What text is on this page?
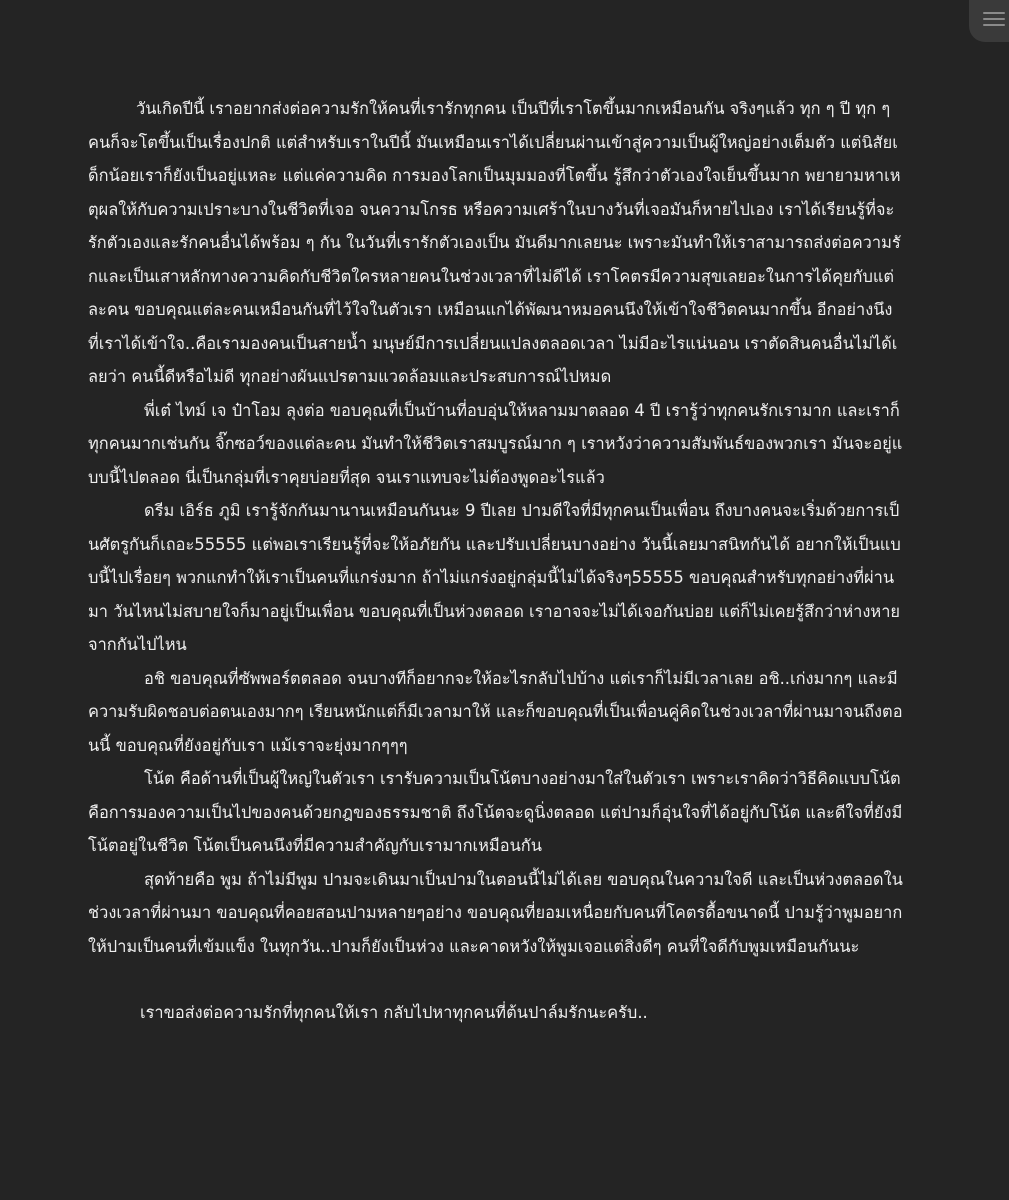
วันเกิดปีนี้ เราอยากส่งต่อความรักให้คนที่เรารักทุกคน เป็นปีที่เราโตขึ้นมากเหมือนกัน จริงๆแล้ว ทุก ๆ ปี ทุก ๆ คนก็จะโตขึ้นเป็นเรื่องปกติ แต่สำหรับเราในปีนี้ มันเหมือนเราได้เปลี่ยนผ่านเข้าสู่ความเป็นผู้ใหญ่อย่างเต็มตัว แต่นิสัยเด็กน้อยเราก็ยังเป็นอยู่แหละ แต่แค่ความคิด การมองโลกเป็นมุมมองที่โตขึ้น รู้สึกว่าตัวเองใจเย็นขึ้นมาก พยายามหาเหตุผลให้กับความเปราะบางในชีวิตที่เจอ จนความโกรธ หรือความเศร้าในบางวันที่เจอมันก็หายไปเอง เราได้เรียนรู้ที่จะรักตัวเองและรักคนอื่นได้พร้อม ๆ กัน ในวันที่เรารักตัวเองเป็น มันดีมากเลยนะ เพราะมันทำให้เราสามารถส่งต่อความรักและเป็นเสาหลักทางความคิดกับชีวิตใครหลายคนในช่วงเวลาที่ไม่ดีได้ เราโคตรมีความสุขเลยอะในการได้คุยกับแต่ละคน ขอบคุณแต่ละคนเหมือนกันที่ไว้ใจในตัวเรา เหมือนแกได้พัฒนาหมอคนนึงให้เข้าใจชีวิตคนมากขึ้น อีกอย่างนึงที่เราได้เข้าใจ..คือเรามองคนเป็นสายน้ำ มนุษย์มีการเปลี่ยนแปลงตลอดเวลา ไม่มีอะไรแน่นอน เราตัดสินคนอื่นไม่ได้เลยว่า คนนี้ดีหรือไม่ดี ทุกอย่างผันแปรตามแวดล้อมและประสบการณ์ไปหมด

พี่เต๋ ไทม์ เจ ป๋าโอม ลุงต่อ ขอบคุณที่เป็นบ้านที่อบอุ่นให้หลามมาตลอด 4 ปี เรารู้ว่าทุกคนรักเรามาก และเราก็ทุกคนมากเช่นกัน จิ๊กซอว์ของแต่ละคน มันทำให้ชีวิตเราสมบูรณ์มาก ๆ เราหวังว่าความสัมพันธ์ของพวกเรา มันจะอยู่แบบนี้ไปตลอด นี่เป็นกลุ่มที่เราคุยบ่อยที่สุด จนเราแทบจะไม่ต้องพูดอะไรแล้ว

ดรีม เอิร์ธ ภูมิ เรารู้จักกันมานานเหมือนกันนะ 9 ปีเลย ปามดีใจที่มีทุกคนเป็นเพื่อน ถึงบางคนจะเริ่มด้วยการเป็นศัตรูกันก็เถอะ55555 แต่พอเราเรียนรู้ที่จะให้อภัยกัน และปรับเปลี่ยนบางอย่าง วันนี้เลยมาสนิทกันได้ อยากให้เป็นแบบนี้ไปเรื่อยๆ พวกแกทำให้เราเป็นคนที่แกร่งมาก ถ้าไม่แกร่งอยู่กลุ่มนี้ไม่ได้จริงๆ55555 ขอบคุณสำหรับทุกอย่างที่ผ่านมา วันไหนไม่สบายใจก็มาอยู่เป็นเพื่อน ขอบคุณที่เป็นห่วงตลอด เราอาจจะไม่ได้เจอกันบ่อย แต่ก็ไม่เคยรู้สึกว่าห่างหายจากกันไปไหน

อชิ ขอบคุณที่ซัพพอร์ตตลอด จนบางทีก็อยากจะให้อะไรกลับไปบ้าง แต่เราก็ไม่มีเวลาเลย อชิ..เก่งมากๆ และมีความรับผิดชอบต่อตนเองมากๆ เรียนหนักแต่ก็มีเวลามาให้ และก็ขอบคุณที่เป็นเพื่อนคู่คิดในช่วงเวลาที่ผ่านมาจนถึงตอนนี้ ขอบคุณที่ยังอยู่กับเรา แม้เราจะยุ่งมากๆๆๆ

โน้ต คือด้านที่เป็นผู้ใหญ่ในตัวเรา เรารับความเป็นโน้ตบางอย่างมาใส่ในตัวเรา เพราะเราคิดว่าวิธีคิดแบบโน้ตคือการมองความเป็นไปของคนด้วยกฎของธรรมชาติ ถึงโน้ตจะดูนิ่งตลอด แต่ปามก็อุ่นใจที่ได้อยู่กับโน้ต และดีใจที่ยังมีโน้ตอยู่ในชีวิต โน้ตเป็นคนนึงที่มีความสำคัญกับเรามากเหมือนกัน

สุดท้ายคือ พูม ถ้าไม่มีพูม ปามจะเดินมาเป็นปามในตอนนี้ไม่ได้เลย ขอบคุณในความใจดี และเป็นห่วงตลอดในช่วงเวลาที่ผ่านมา ขอบคุณที่คอยสอนปามหลายๆอย่าง ขอบคุณที่ยอมเหนื่อยกับคนที่โคตรดื้อขนาดนี้ ปามรู้ว่าพูมอยากให้ปามเป็นคนที่เข้มแข็ง ในทุกวัน..ปามก็ยังเป็นห่วง และคาดหวังให้พูมเจอแต่สิ่งดีๆ คนที่ใจดีกับพูมเหมือนกันนะ

เราขอส่งต่อความรักที่ทุกคนให้เรา กลับไปหาทุกคนที่ต้นปาล์มรักนะครับ..
